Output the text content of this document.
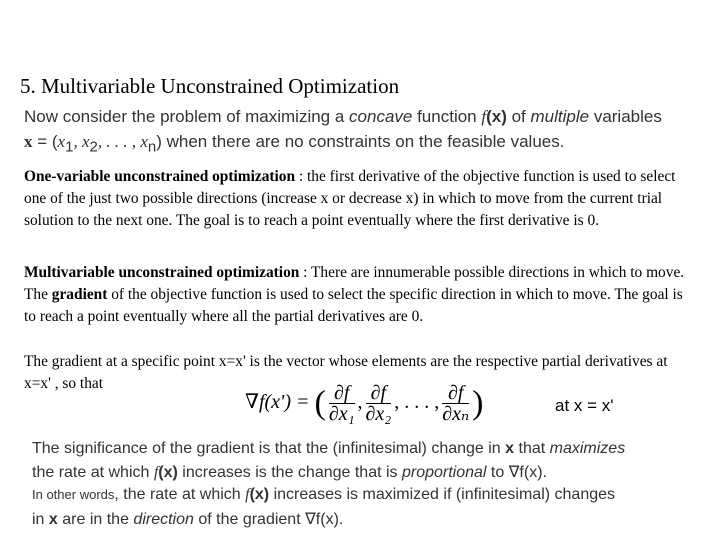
5. Multivariable Unconstrained Optimization
Now consider the problem of maximizing a concave function f(x) of multiple variables
$x = (x_1$, $x_2$, . . . , $x_n$) when there are no constraints on the feasible values.
One-variable unconstrained optimization : the first derivative of the objective function is used to select one of the just two possible directions (increase x or decrease x) in which to move from the current trial solution to the next one. The goal is to reach a point eventually where the first derivative is 0.
Multivariable unconstrained optimization : There are innumerable possible directions in which to move. The gradient of the objective function is used to select the specific direction in which to move. The goal is to reach a point eventually where all the partial derivatives are 0.
The gradient at a specific point x=x' is the vector whose elements are the respective partial derivatives at x=x' , so that
∇f(x') = ( $\frac{\partial f}{\text{∂x₁}}$ , $\frac{\partial f}{\text{∂x₂}}$ , . . . , $\frac{\partial f}{\text{∂xₙ}}$ )	at x = x'
The significance of the gradient is that the (infinitesimal) change in x that maximizes
the rate at which f(x) increases is the change that is proportional to ∇f(x).
In other words, the rate at which f(x) increases is maximized if (infinitesimal) changes
in x are in the direction of the gradient ∇f(x).
